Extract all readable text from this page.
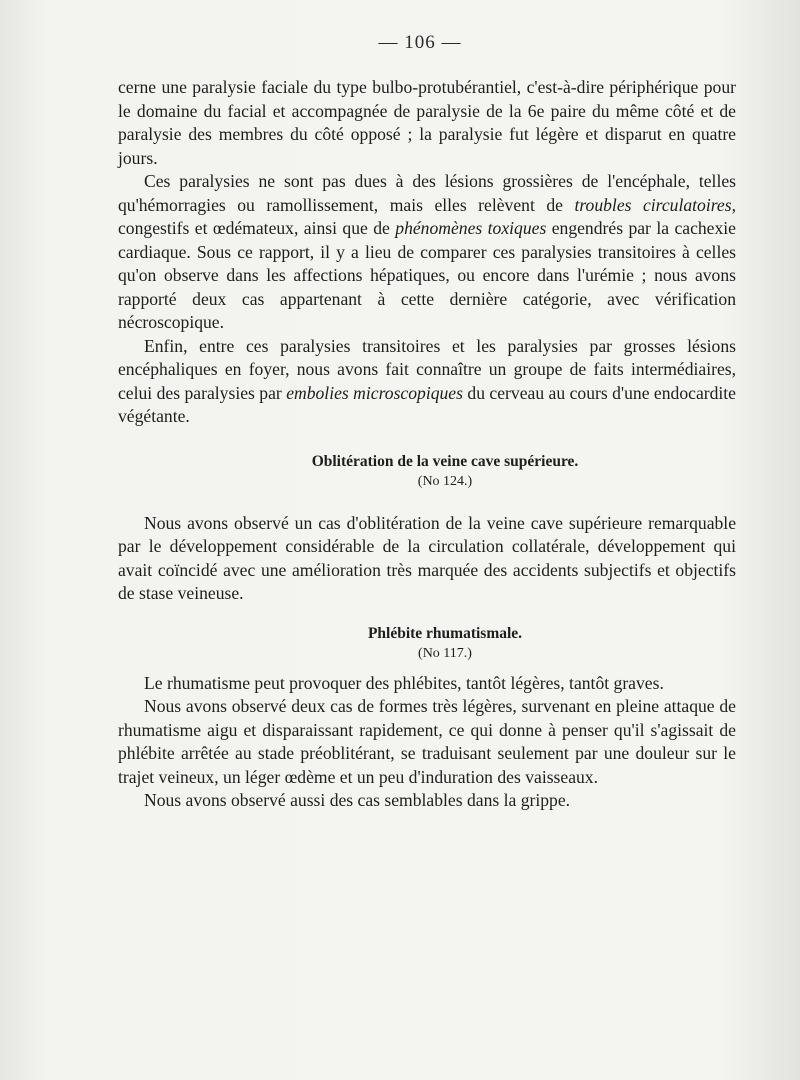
— 106 —

cerne une paralysie faciale du type bulbo-protubérantiel, c'est-à-dire périphérique pour le domaine du facial et accompagnée de paralysie de la 6e paire du même côté et de paralysie des membres du côté opposé ; la paralysie fut légère et disparut en quatre jours.

Ces paralysies ne sont pas dues à des lésions grossières de l'encéphale, telles qu'hémorragies ou ramollissement, mais elles relèvent de troubles circulatoires, congestifs et œdémateux, ainsi que de phénomènes toxiques engendrés par la cachexie cardiaque. Sous ce rapport, il y a lieu de comparer ces paralysies transitoires à celles qu'on observe dans les affections hépatiques, ou encore dans l'urémie ; nous avons rapporté deux cas appartenant à cette dernière catégorie, avec vérification nécroscopique.

Enfin, entre ces paralysies transitoires et les paralysies par grosses lésions encéphaliques en foyer, nous avons fait connaître un groupe de faits intermédiaires, celui des paralysies par embolies microscopiques du cerveau au cours d'une endocardite végétante.

Oblitération de la veine cave supérieure.

(No 124.)

Nous avons observé un cas d'oblitération de la veine cave supérieure remarquable par le développement considérable de la circulation collatérale, développement qui avait coïncidé avec une amélioration très marquée des accidents subjectifs et objectifs de stase veineuse.

Phlébite rhumatismale.

(No 117.)

Le rhumatisme peut provoquer des phlébites, tantôt légères, tantôt graves.

Nous avons observé deux cas de formes très légères, survenant en pleine attaque de rhumatisme aigu et disparaissant rapidement, ce qui donne à penser qu'il s'agissait de phlébite arrêtée au stade préoblitérant, se traduisant seulement par une douleur sur le trajet veineux, un léger œdème et un peu d'induration des vaisseaux.

Nous avons observé aussi des cas semblables dans la grippe.
